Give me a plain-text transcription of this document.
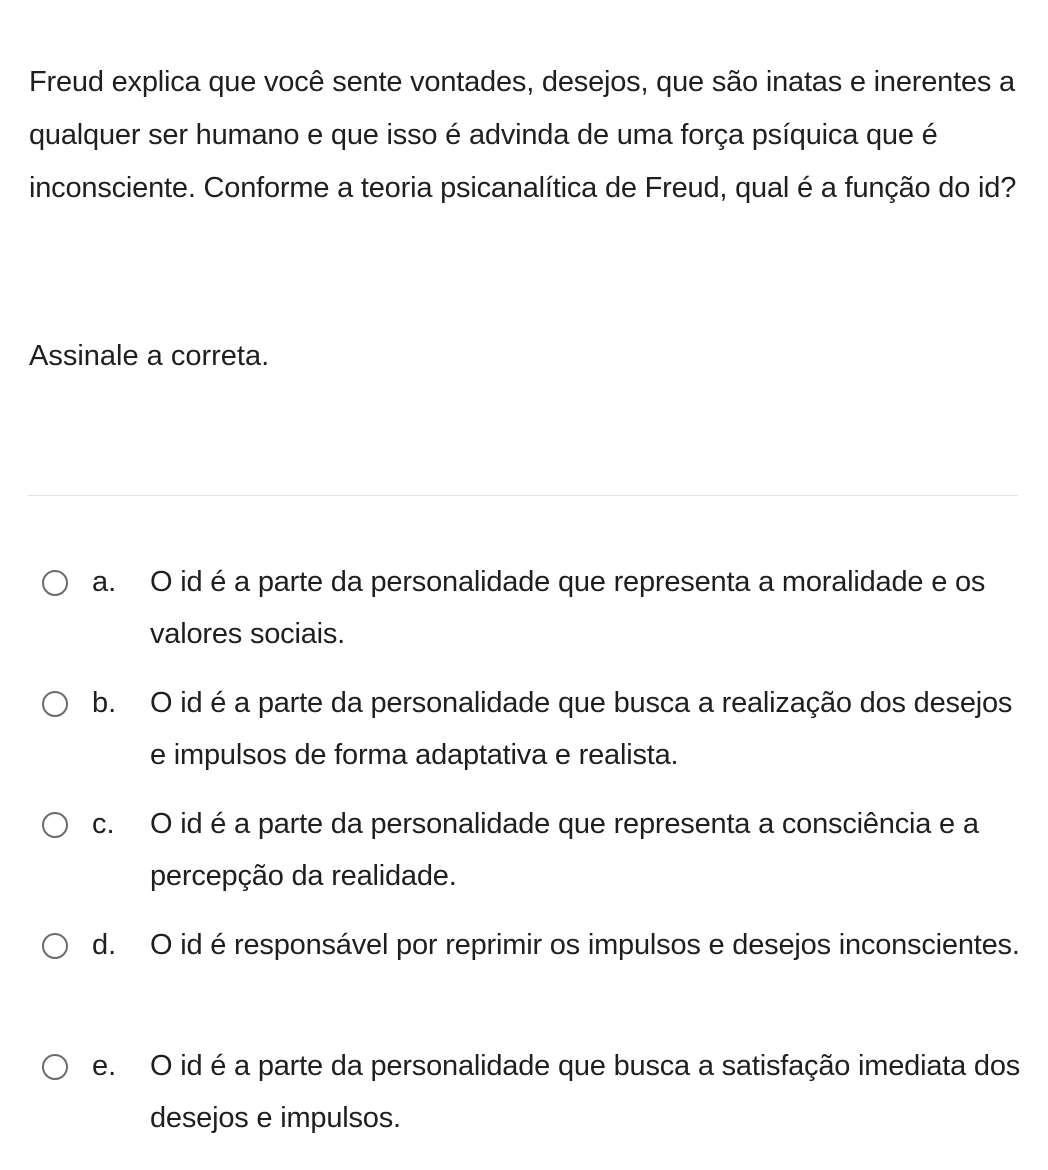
Freud explica que você sente vontades, desejos, que são inatas e inerentes a qualquer ser humano e que isso é advinda de uma força psíquica que é inconsciente. Conforme a teoria psicanalítica de Freud, qual é a função do id?

Assinale a correta.
a. O id é a parte da personalidade que representa a moralidade e os valores sociais.
b. O id é a parte da personalidade que busca a realização dos desejos e impulsos de forma adaptativa e realista.
c. O id é a parte da personalidade que representa a consciência e a percepção da realidade.
d. O id é responsável por reprimir os impulsos e desejos inconscientes.
e. O id é a parte da personalidade que busca a satisfação imediata dos desejos e impulsos.
